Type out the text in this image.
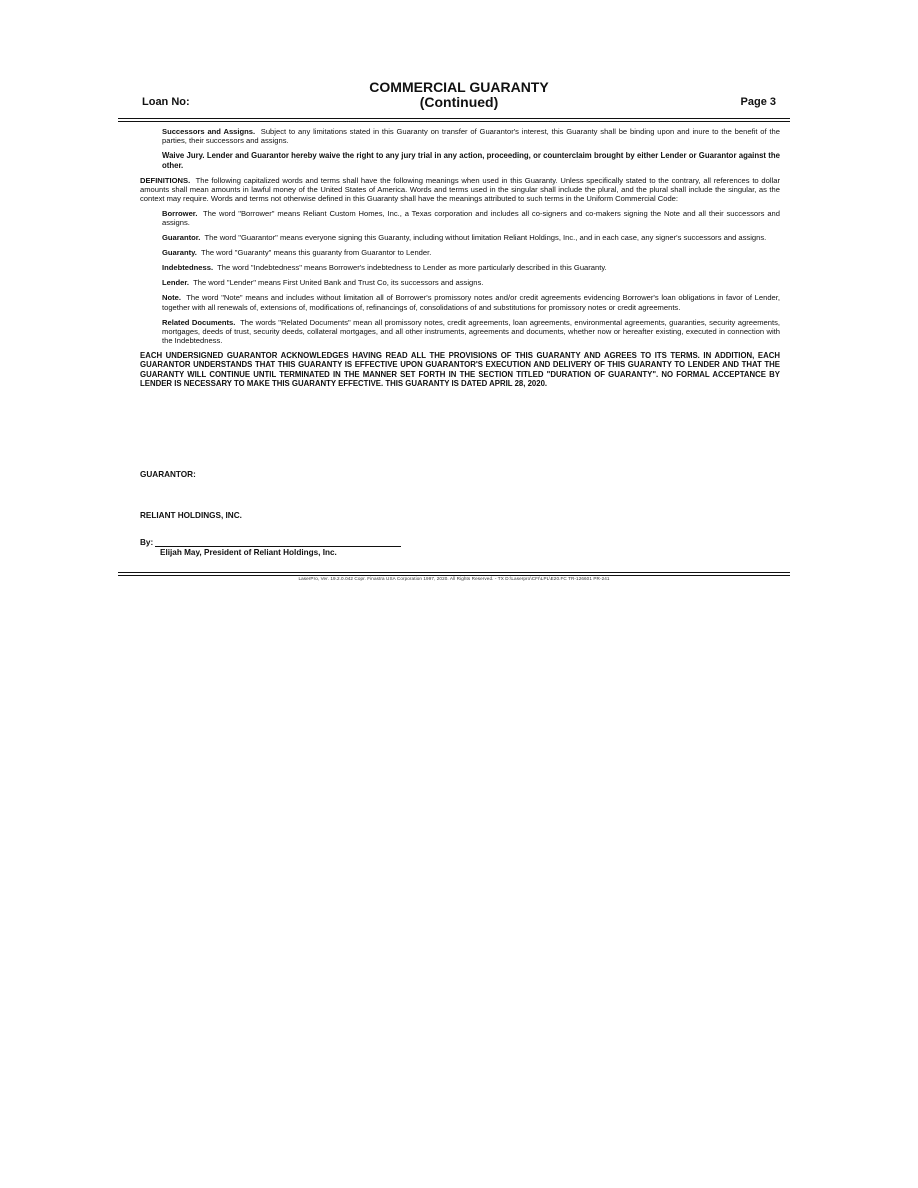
COMMERCIAL GUARANTY
(Continued)
Loan No:	Page 3

Successors and Assigns. Subject to any limitations stated in this Guaranty on transfer of Guarantor's interest, this Guaranty shall be binding upon and inure to the benefit of the parties, their successors and assigns.

Waive Jury. Lender and Guarantor hereby waive the right to any jury trial in any action, proceeding, or counterclaim brought by either Lender or Guarantor against the other.

DEFINITIONS. The following capitalized words and terms shall have the following meanings when used in this Guaranty. Unless specifically stated to the contrary, all references to dollar amounts shall mean amounts in lawful money of the United States of America. Words and terms used in the singular shall include the plural, and the plural shall include the singular, as the context may require. Words and terms not otherwise defined in this Guaranty shall have the meanings attributed to such terms in the Uniform Commercial Code:

Borrower. The word "Borrower" means Reliant Custom Homes, Inc., a Texas corporation and includes all co-signers and co-makers signing the Note and all their successors and assigns.

Guarantor. The word "Guarantor" means everyone signing this Guaranty, including without limitation Reliant Holdings, Inc., and in each case, any signer's successors and assigns.

Guaranty. The word "Guaranty" means this guaranty from Guarantor to Lender.

Indebtedness. The word "Indebtedness" means Borrower's indebtedness to Lender as more particularly described in this Guaranty.

Lender. The word "Lender" means First United Bank and Trust Co, its successors and assigns.

Note. The word "Note" means and includes without limitation all of Borrower's promissory notes and/or credit agreements evidencing Borrower's loan obligations in favor of Lender, together with all renewals of, extensions of, modifications of, refinancings of, consolidations of and substitutions for promissory notes or credit agreements.

Related Documents. The words "Related Documents" mean all promissory notes, credit agreements, loan agreements, environmental agreements, guaranties, security agreements, mortgages, deeds of trust, security deeds, collateral mortgages, and all other instruments, agreements and documents, whether now or hereafter existing, executed in connection with the Indebtedness.

EACH UNDERSIGNED GUARANTOR ACKNOWLEDGES HAVING READ ALL THE PROVISIONS OF THIS GUARANTY AND AGREES TO ITS TERMS. IN ADDITION, EACH GUARANTOR UNDERSTANDS THAT THIS GUARANTY IS EFFECTIVE UPON GUARANTOR'S EXECUTION AND DELIVERY OF THIS GUARANTY TO LENDER AND THAT THE GUARANTY WILL CONTINUE UNTIL TERMINATED IN THE MANNER SET FORTH IN THE SECTION TITLED "DURATION OF GUARANTY". NO FORMAL ACCEPTANCE BY LENDER IS NECESSARY TO MAKE THIS GUARANTY EFFECTIVE. THIS GUARANTY IS DATED APRIL 28, 2020.

GUARANTOR:
RELIANT HOLDINGS, INC.
By:
Elijah May, President of Reliant Holdings, Inc.
LaserPro, Ver. 19.2.0.042 Copr. Finastra USA Corporation 1997, 2020. All Rights Reserved. - TX D:\Laserpro\CFI\LPL\E20.FC TR-126601 PR-241
